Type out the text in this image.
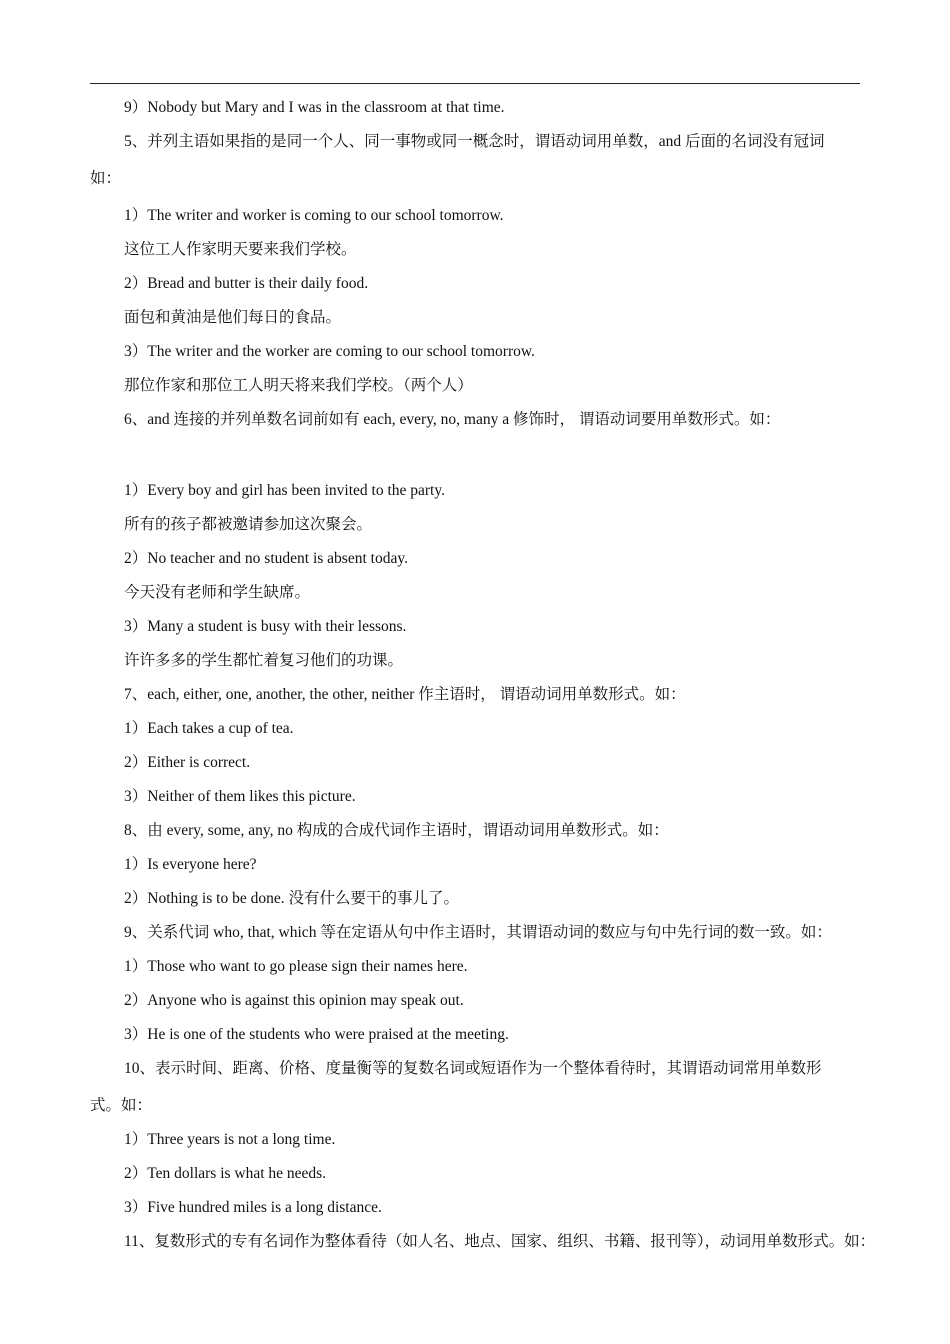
9）Nobody but Mary and I was in the classroom at that time.
5、并列主语如果指的是同一个人、同一事物或同一概念时，谓语动词用单数，and 后面的名词没有冠词
如：
1）The writer and worker is coming to our school tomorrow.
这位工人作家明天要来我们学校。
2）Bread and butter is their daily food.
面包和黄油是他们每日的食品。
3）The writer and the worker are coming to our school tomorrow.
那位作家和那位工人明天将来我们学校。（两个人）
6、and 连接的并列单数名词前如有 each, every, no, many a 修饰时， 谓语动词要用单数形式。如：
1）Every boy and girl has been invited to the party.
所有的孩子都被邀请参加这次聚会。
2）No teacher and no student is absent today.
今天没有老师和学生缺席。
3）Many a student is busy with their lessons.
许许多多的学生都忙着复习他们的功课。
7、each, either, one, another, the other, neither 作主语时， 谓语动词用单数形式。如：
1）Each takes a cup of tea.
2）Either is correct.
3）Neither of them likes this picture.
8、由 every, some, any, no 构成的合成代词作主语时，谓语动词用单数形式。如：
1）Is everyone here?
2）Nothing is to be done. 没有什么要干的事儿了。
9、关系代词 who, that, which 等在定语从句中作主语时，其谓语动词的数应与句中先行词的数一致。如：
1）Those who want to go please sign their names here.
2）Anyone who is against this opinion may speak out.
3）He is one of the students who were praised at the meeting.
10、表示时间、距离、价格、度量衡等的复数名词或短语作为一个整体看待时，其谓语动词常用单数形
式。如：
1）Three years is not a long time.
2）Ten dollars is what he needs.
3）Five hundred miles is a long distance.
11、复数形式的专有名词作为整体看待（如人名、地点、国家、组织、书籍、报刊等），动词用单数形式。如：
